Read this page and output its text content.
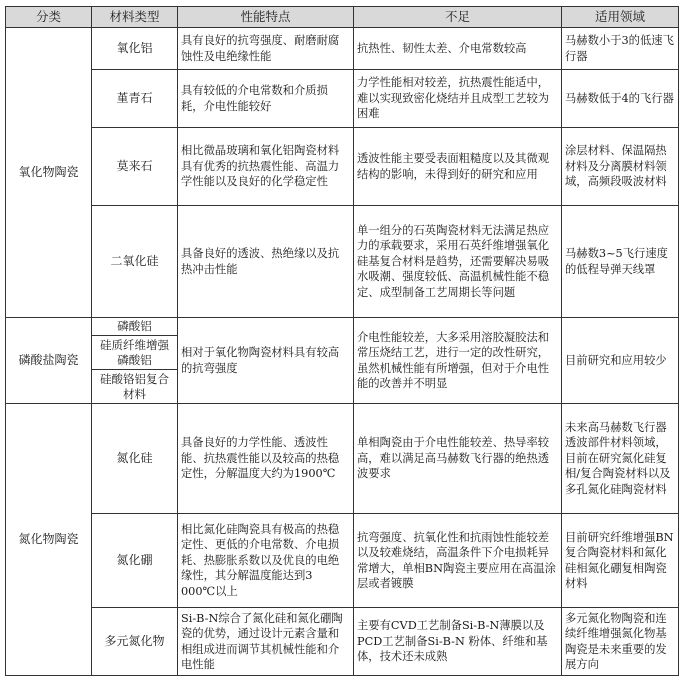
分类	材料类型	性能特点	不足	适用领域
氧化物陶瓷	氧化铝	具有良好的抗弯强度、耐磨耐腐蚀性及电绝缘性能	抗热性、韧性太差、介电常数较高	马赫数小于3的低速飞行器
	堇青石	具有较低的介电常数和介质损耗，介电性能较好	力学性能相对较差，抗热震性能适中，难以实现致密化烧结并且成型工艺较为困难	马赫数低于4的飞行器
	莫来石	相比微晶玻璃和氧化铝陶瓷材料具有优秀的抗热震性能、高温力学性能以及良好的化学稳定性	透波性能主要受表面粗糙度以及其微观结构的影响，未得到好的研究和应用	涂层材料、保温隔热材料及分离膜材料领域，高频段吸波材料
	二氧化硅	具备良好的透波、热绝缘以及抗热冲击性能	单一组分的石英陶瓷材料无法满足热应力的承载要求，采用石英纤维增强氧化硅基复合材料是趋势，还需要解决易吸水吸潮、强度较低、高温机械性能不稳定、成型制备工艺周期长等问题	马赫数3~5飞行速度的低程导弹天线罩
磷酸盐陶瓷	磷酸铝	相对于氧化物陶瓷材料具有较高的抗弯强度	介电性能较差，大多采用溶胶凝胶法和常压烧结工艺，进行一定的改性研究，虽然机械性能有所增强，但对于介电性能的改善并不明显	目前研究和应用较少
	硅质纤维增强磷酸铝			
	硅酸铬铝复合材料			
氮化物陶瓷	氮化硅	具备良好的力学性能、透波性能、抗热震性能以及较高的热稳定性，分解温度大约为1900℃	单相陶瓷由于介电性能较差、热导率较高，难以满足高马赫数飞行器的绝热透波要求	未来高马赫数飞行器透波部件材料领域，目前在研究氮化硅复相/复合陶瓷材料以及多孔氮化硅陶瓷材料
	氮化硼	相比氮化硅陶瓷具有极高的热稳定性、更低的介电常数、介电损耗、热膨胀系数以及优良的电绝缘性，其分解温度能达到3 000℃以上	抗弯强度、抗氧化性和抗雨蚀性能较差以及较难烧结，高温条件下介电损耗异常增大，单相BN陶瓷主要应用在高温涂层或者镀膜	目前研究纤维增强BN复合陶瓷材料和氮化硅相氮化硼复相陶瓷材料
	多元氮化物	Si-B-N综合了氮化硅和氮化硼陶瓷的优势，通过设计元素含量和相组成进而调节其机械性能和介电性能	主要有CVD工艺制备Si-B-N薄膜以及PCD工艺制备Si-B-N 粉体、纤维和基体，技术还未成熟	多元氮化物陶瓷和连续纤维增强氮化物基陶瓷是未来重要的发展方向
